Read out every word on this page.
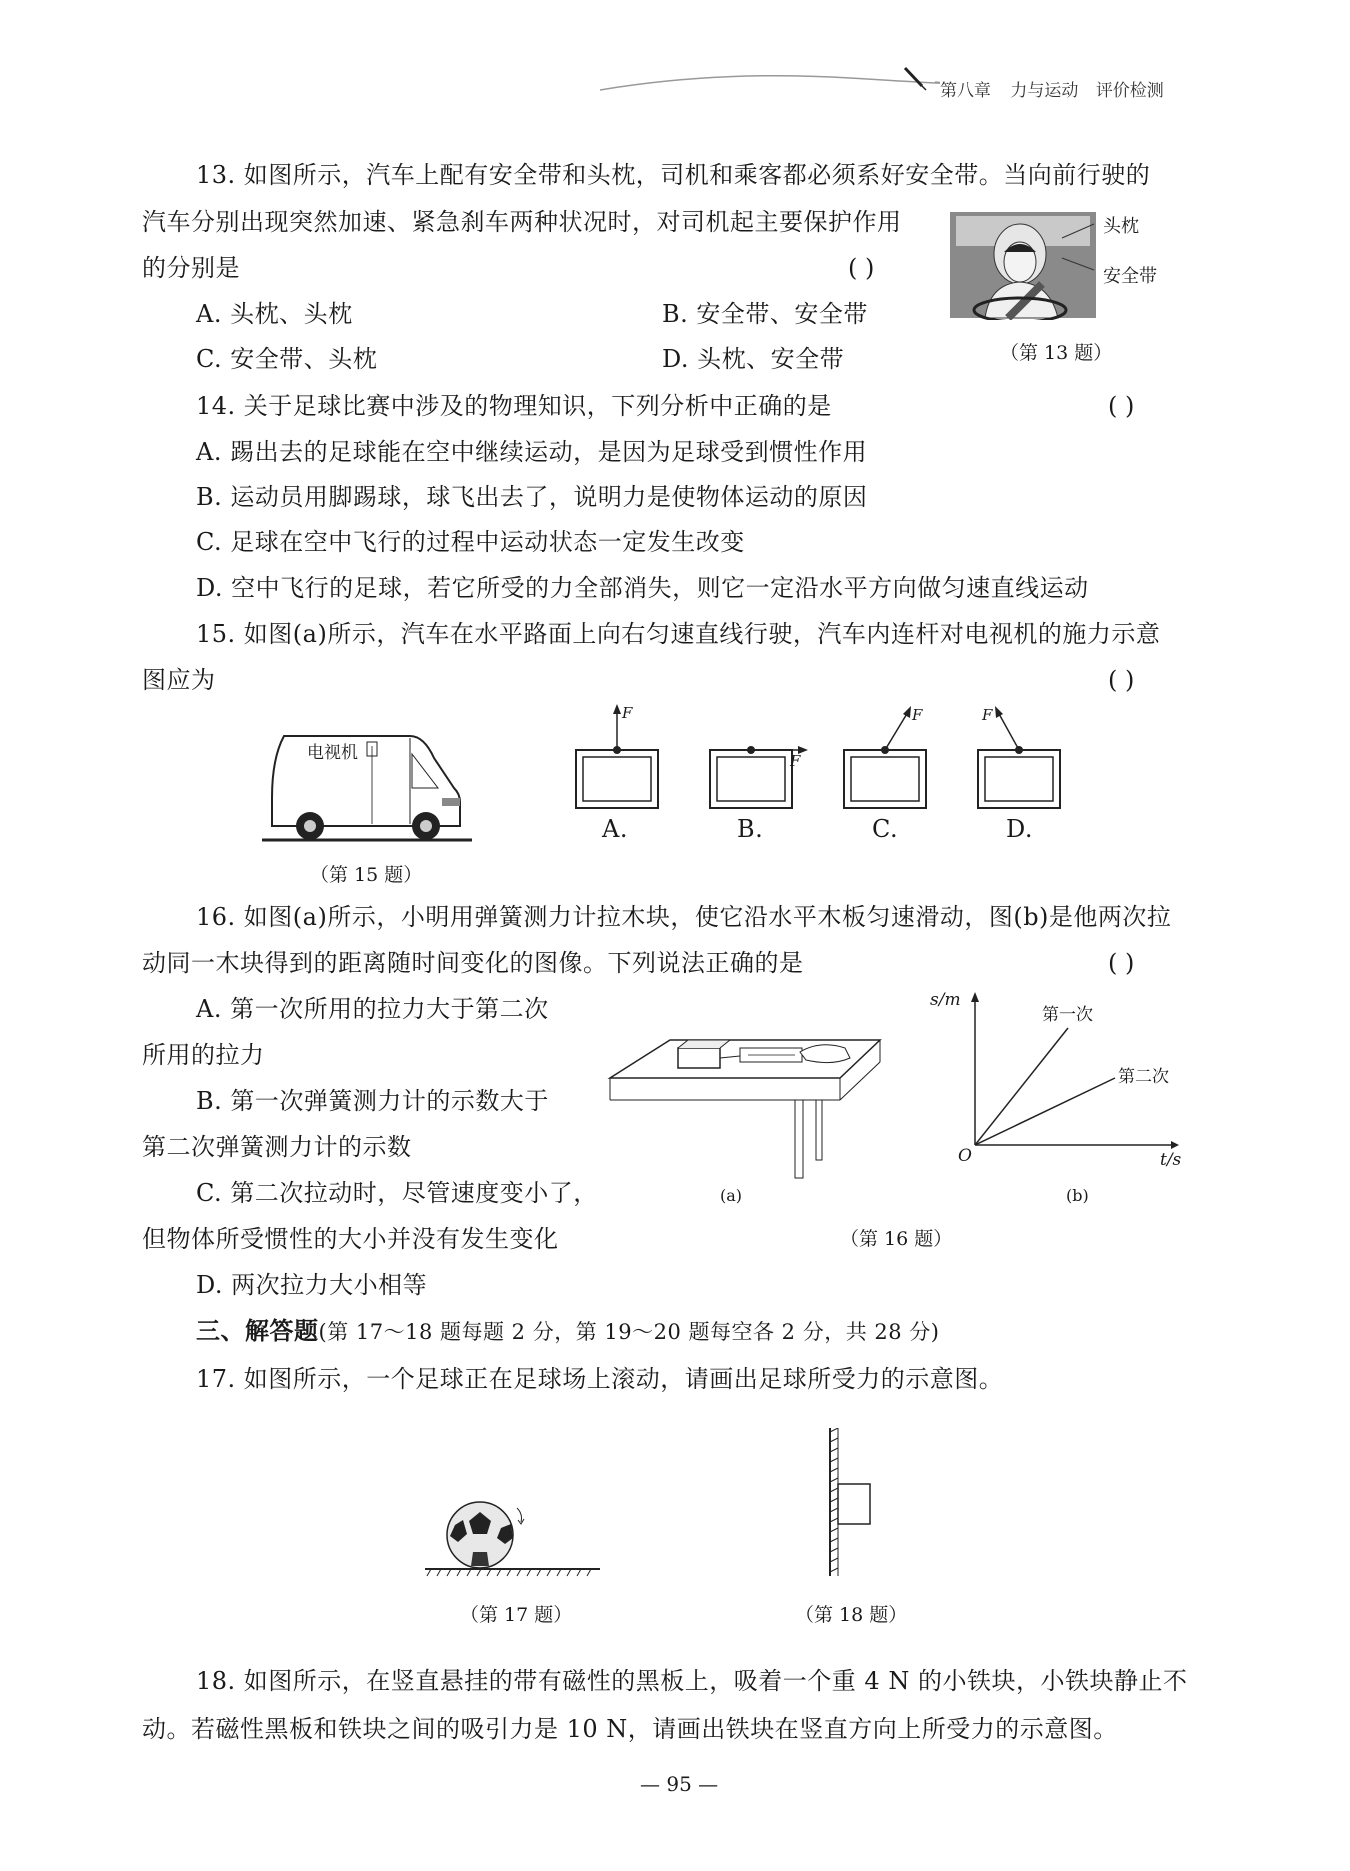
第八章 力与运动 评价检测
13. 如图所示，汽车上配有安全带和头枕，司机和乘客都必须系好安全带。当向前行驶的
汽车分别出现突然加速、紧急刹车两种状况时，对司机起主要保护作用
的分别是	( )
A. 头枕、头枕	B. 安全带、安全带
C. 安全带、头枕	D. 头枕、安全带
头枕
安全带
（第 13 题）
14. 关于足球比赛中涉及的物理知识，下列分析中正确的是	( )
A. 踢出去的足球能在空中继续运动，是因为足球受到惯性作用
B. 运动员用脚踢球，球飞出去了，说明力是使物体运动的原因
C. 足球在空中飞行的过程中运动状态一定发生改变
D. 空中飞行的足球，若它所受的力全部消失，则它一定沿水平方向做匀速直线运动
15. 如图(a)所示，汽车在水平路面上向右匀速直线行驶，汽车内连杆对电视机的施力示意
图应为	( )
电视机
（第 15 题）
F
F
F	F
A.	B.	C.	D.
16. 如图(a)所示，小明用弹簧测力计拉木块，使它沿水平木板匀速滑动，图(b)是他两次拉
动同一木块得到的距离随时间变化的图像。下列说法正确的是	( )
A. 第一次所用的拉力大于第二次
所用的拉力
B. 第一次弹簧测力计的示数大于
第二次弹簧测力计的示数
C. 第二次拉动时，尽管速度变小了，
但物体所受惯性的大小并没有发生变化
D. 两次拉力大小相等
(a)
s/m
t/s
O
第一次
第二次
(b)
（第 16 题）
三、解答题(第 17～18 题每题 2 分，第 19～20 题每空各 2 分，共 28 分)
17. 如图所示，一个足球正在足球场上滚动，请画出足球所受力的示意图。
（第 17 题）	（第 18 题）
18. 如图所示，在竖直悬挂的带有磁性的黑板上，吸着一个重 4 N 的小铁块，小铁块静止不
动。若磁性黑板和铁块之间的吸引力是 10 N，请画出铁块在竖直方向上所受力的示意图。
— 95 —
